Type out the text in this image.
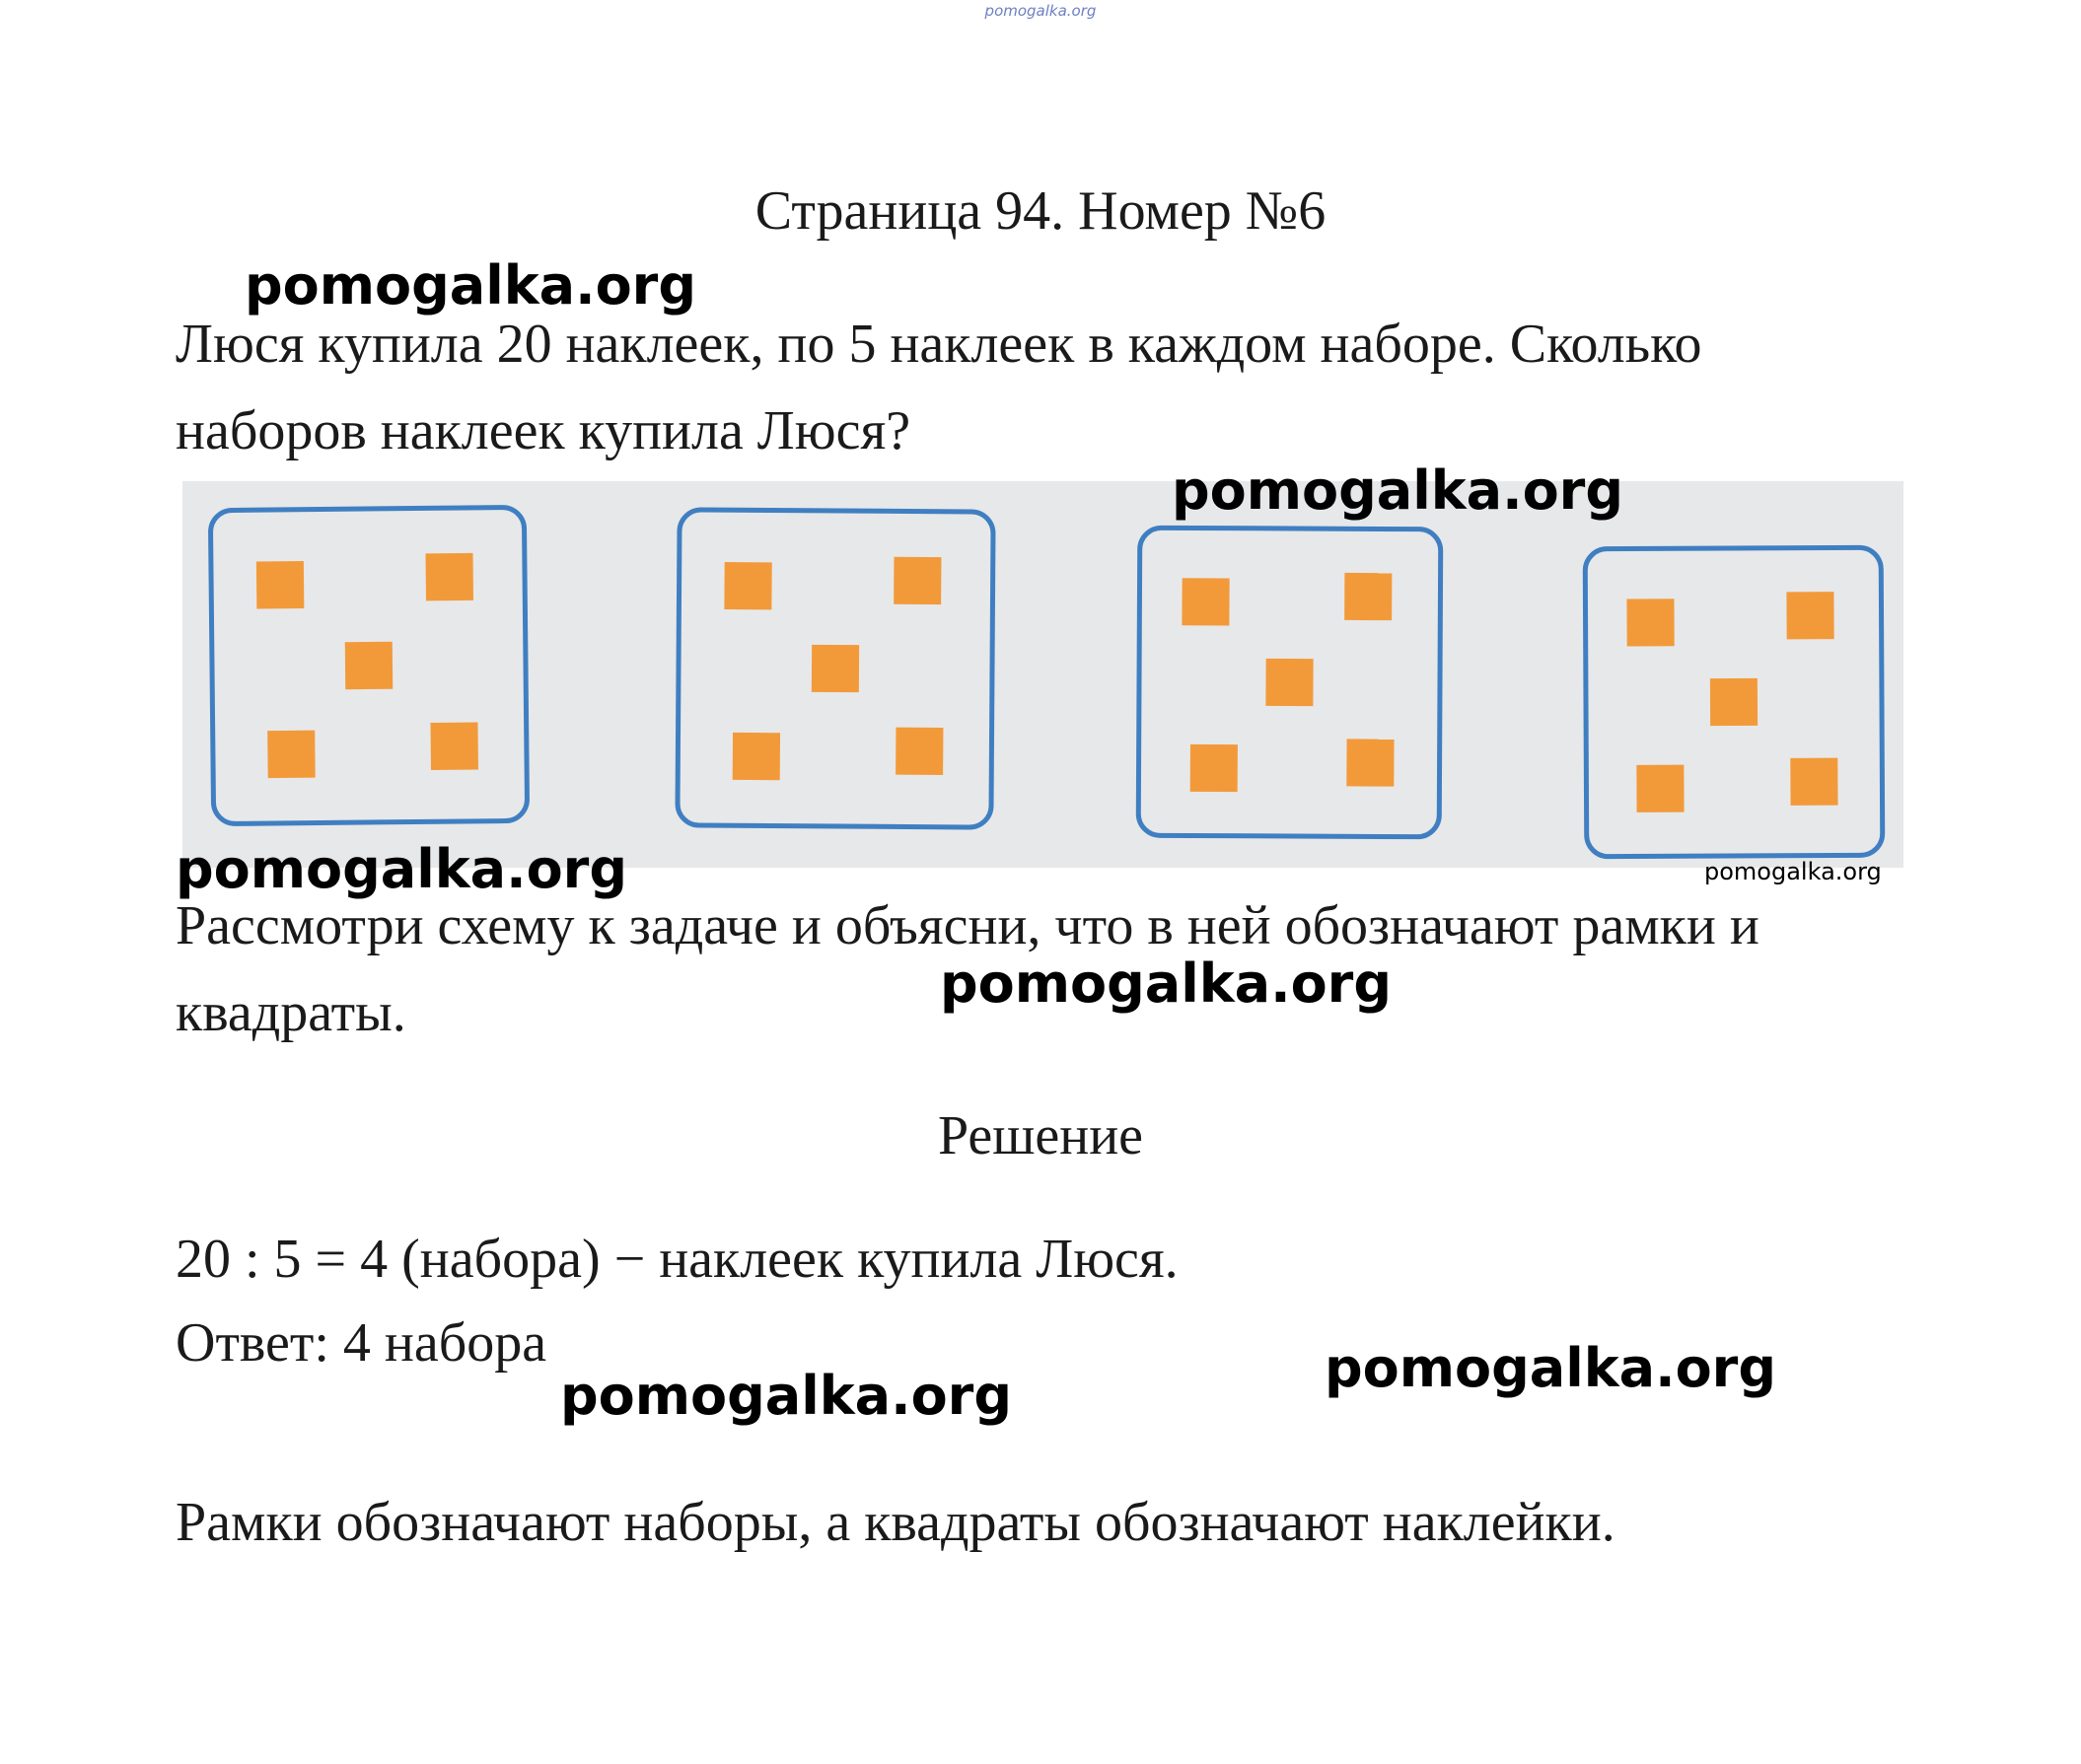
pomogalka.org
Страница 94. Номер №6
pomogalka.org
Люся купила 20 наклеек, по 5 наклеек в каждом наборе. Сколько
наборов наклеек купила Люся?
pomogalka.org
pomogalka.org	pomogalka.org
Рассмотри схему к задаче и объясни, что в ней обозначают рамки и
квадраты.	pomogalka.org
Решение
20 : 5 = 4 (набора) − наклеек купила Люся.
Ответ: 4 набора
pomogalka.org	pomogalka.org
Рамки обозначают наборы, а квадраты обозначают наклейки.
